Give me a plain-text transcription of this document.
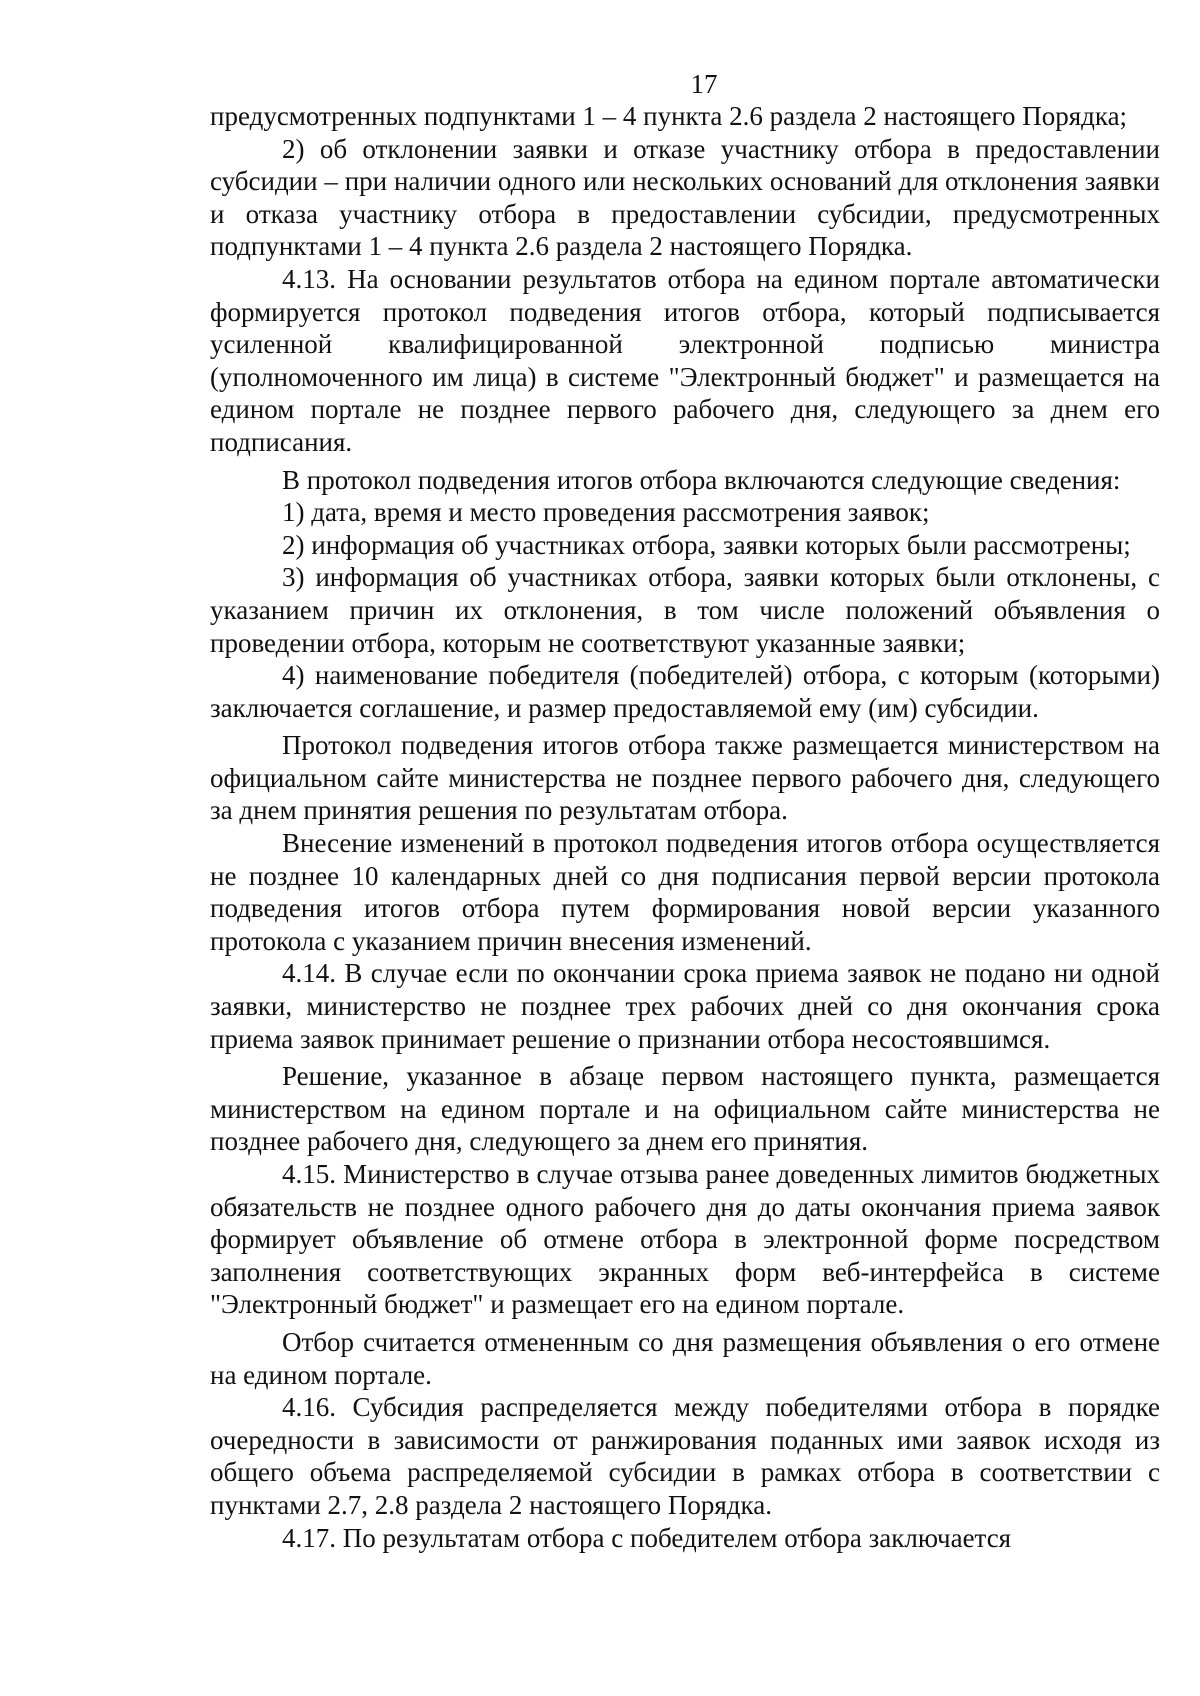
17

предусмотренных подпунктами 1 – 4 пункта 2.6 раздела 2 настоящего Порядка;

2) об отклонении заявки и отказе участнику отбора в предоставлении субсидии – при наличии одного или нескольких оснований для отклонения заявки и отказа участнику отбора в предоставлении субсидии, предусмотренных подпунктами 1 – 4 пункта 2.6 раздела 2 настоящего Порядка.

4.13. На основании результатов отбора на едином портале автоматически формируется протокол подведения итогов отбора, который подписывается усиленной квалифицированной электронной подписью министра (уполномоченного им лица) в системе "Электронный бюджет" и размещается на едином портале не позднее первого рабочего дня, следующего за днем его подписания.

В протокол подведения итогов отбора включаются следующие сведения:

1) дата, время и место проведения рассмотрения заявок;

2) информация об участниках отбора, заявки которых были рассмотрены;

3) информация об участниках отбора, заявки которых были отклонены, с указанием причин их отклонения, в том числе положений объявления о проведении отбора, которым не соответствуют указанные заявки;

4) наименование победителя (победителей) отбора, с которым (которыми) заключается соглашение, и размер предоставляемой ему (им) субсидии.

Протокол подведения итогов отбора также размещается министерством на официальном сайте министерства не позднее первого рабочего дня, следующего за днем принятия решения по результатам отбора.

Внесение изменений в протокол подведения итогов отбора осуществляется не позднее 10 календарных дней со дня подписания первой версии протокола подведения итогов отбора путем формирования новой версии указанного протокола с указанием причин внесения изменений.

4.14. В случае если по окончании срока приема заявок не подано ни одной заявки, министерство не позднее трех рабочих дней со дня окончания срока приема заявок принимает решение о признании отбора несостоявшимся.

Решение, указанное в абзаце первом настоящего пункта, размещается министерством на едином портале и на официальном сайте министерства не позднее рабочего дня, следующего за днем его принятия.

4.15. Министерство в случае отзыва ранее доведенных лимитов бюджетных обязательств не позднее одного рабочего дня до даты окончания приема заявок формирует объявление об отмене отбора в электронной форме посредством заполнения соответствующих экранных форм веб-интерфейса в системе "Электронный бюджет" и размещает его на едином портале.

Отбор считается отмененным со дня размещения объявления о его отмене на едином портале.

4.16. Субсидия распределяется между победителями отбора в порядке очередности в зависимости от ранжирования поданных ими заявок исходя из общего объема распределяемой субсидии в рамках отбора в соответствии с пунктами 2.7, 2.8 раздела 2 настоящего Порядка.

4.17. По результатам отбора с победителем отбора заключается
